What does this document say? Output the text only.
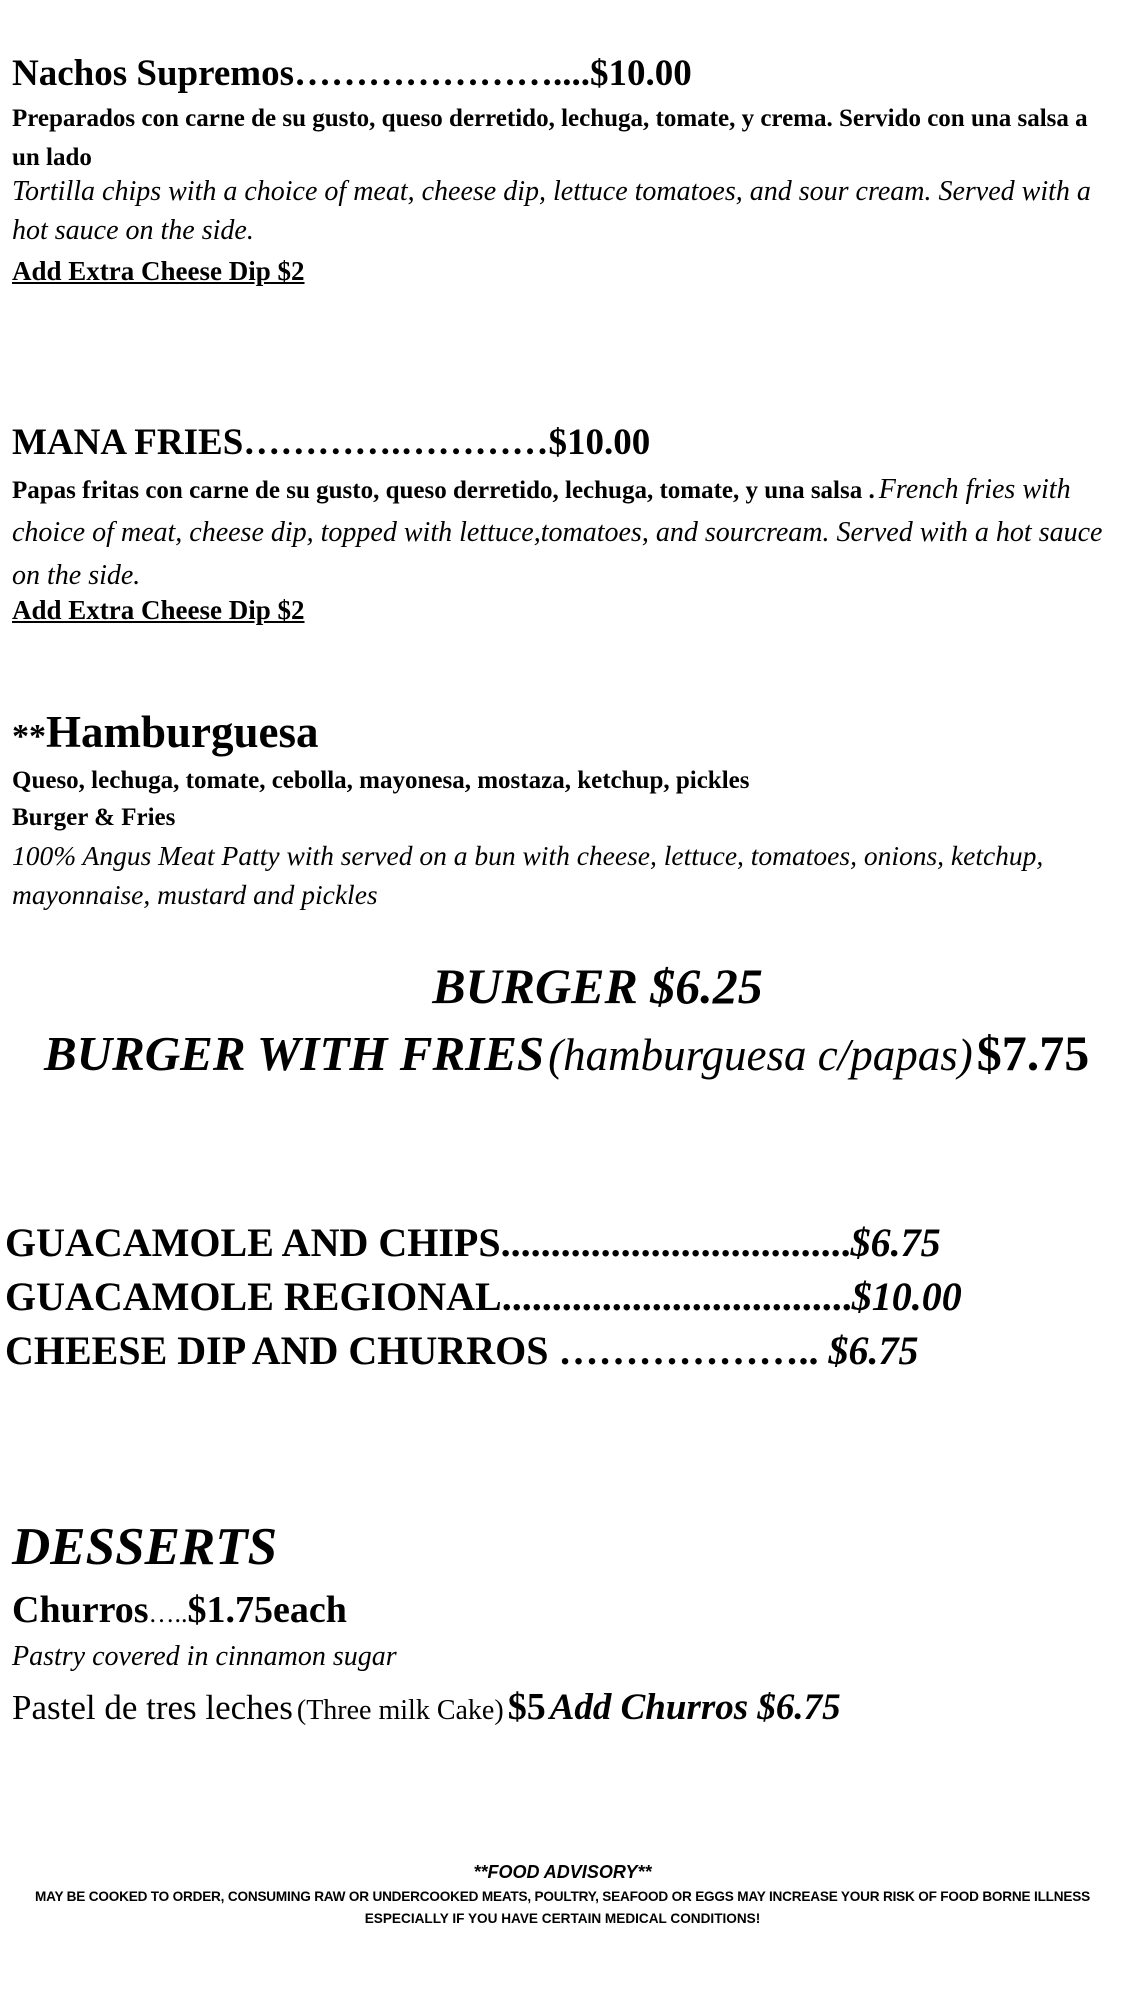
Nachos Supremos…………………....$10.00
Preparados con carne de su gusto, queso derretido, lechuga, tomate, y crema. Servido con una salsa a un lado
Tortilla chips with a choice of meat, cheese dip, lettuce tomatoes, and sour cream. Served with a hot sauce on the side.
Add Extra Cheese Dip $2
MANA FRIES………….…………$10.00
Papas fritas con carne de su gusto, queso derretido, lechuga, tomate, y una salsa . French fries with choice of meat, cheese dip, topped with lettuce,tomatoes, and sourcream. Served with a hot sauce on the side.
Add Extra Cheese Dip $2
**Hamburguesa
Queso, lechuga, tomate, cebolla, mayonesa, mostaza, ketchup, pickles
Burger & Fries
100% Angus Meat Patty with served on a bun with cheese, lettuce, tomatoes, onions, ketchup, mayonnaise, mustard and pickles
BURGER $6.25
BURGER WITH FRIES (hamburguesa c/papas) $7.75
GUACAMOLE AND CHIPS...................................$6.75
GUACAMOLE REGIONAL...................................$10.00
CHEESE DIP AND CHURROS ……………….. $6.75
DESSERTS
Churros…..$1.75each
Pastry covered in cinnamon sugar
Pastel de tres leches (Three milk Cake) $5 Add Churros $6.75
**FOOD ADVISORY**
MAY BE COOKED TO ORDER, CONSUMING RAW OR UNDERCOOKED MEATS, POULTRY, SEAFOOD OR EGGS MAY INCREASE YOUR RISK OF FOOD BORNE ILLNESS
ESPECIALLY IF YOU HAVE CERTAIN MEDICAL CONDITIONS!
